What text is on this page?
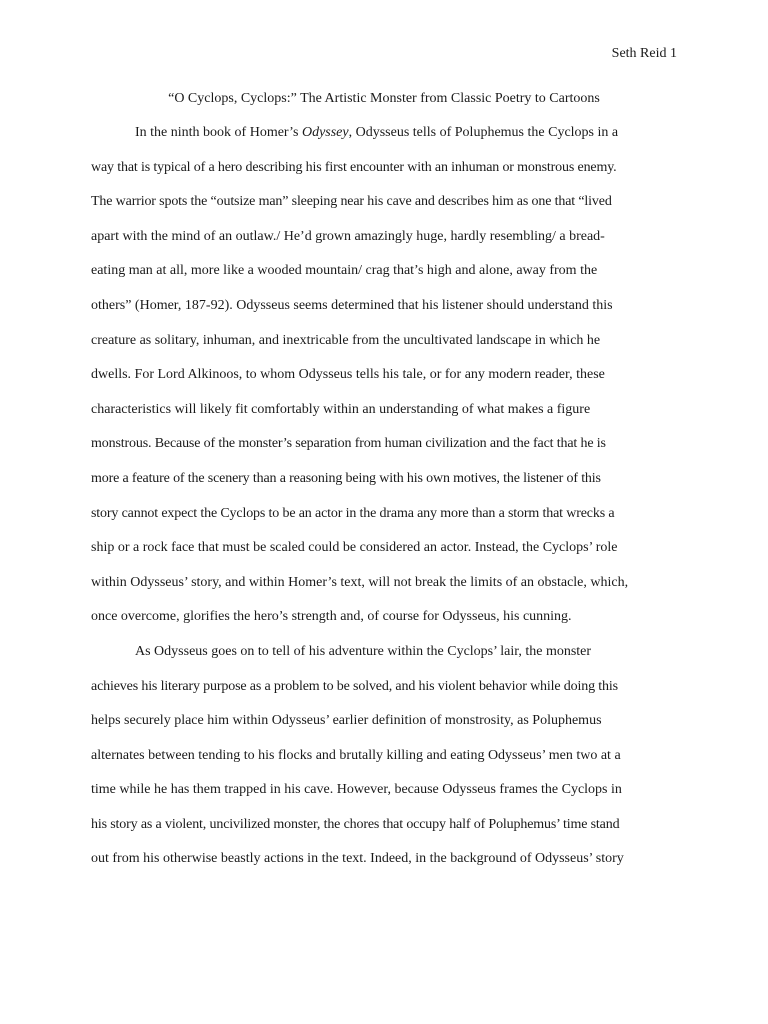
Seth Reid 1
“O Cyclops, Cyclops:” The Artistic Monster from Classic Poetry to Cartoons
In the ninth book of Homer’s Odyssey, Odysseus tells of Poluphemus the Cyclops in a
way that is typical of a hero describing his first encounter with an inhuman or monstrous enemy.
The warrior spots the “outsize man” sleeping near his cave and describes him as one that “lived
apart with the mind of an outlaw./ He’d grown amazingly huge, hardly resembling/ a bread-
eating man at all, more like a wooded mountain/ crag that’s high and alone, away from the
others” (Homer, 187-92). Odysseus seems determined that his listener should understand this
creature as solitary, inhuman, and inextricable from the uncultivated landscape in which he
dwells. For Lord Alkinoos, to whom Odysseus tells his tale, or for any modern reader, these
characteristics will likely fit comfortably within an understanding of what makes a figure
monstrous. Because of the monster’s separation from human civilization and the fact that he is
more a feature of the scenery than a reasoning being with his own motives, the listener of this
story cannot expect the Cyclops to be an actor in the drama any more than a storm that wrecks a
ship or a rock face that must be scaled could be considered an actor. Instead, the Cyclops’ role
within Odysseus’ story, and within Homer’s text, will not break the limits of an obstacle, which,
once overcome, glorifies the hero’s strength and, of course for Odysseus, his cunning.
As Odysseus goes on to tell of his adventure within the Cyclops’ lair, the monster
achieves his literary purpose as a problem to be solved, and his violent behavior while doing this
helps securely place him within Odysseus’ earlier definition of monstrosity, as Poluphemus
alternates between tending to his flocks and brutally killing and eating Odysseus’ men two at a
time while he has them trapped in his cave. However, because Odysseus frames the Cyclops in
his story as a violent, uncivilized monster, the chores that occupy half of Poluphemus’ time stand
out from his otherwise beastly actions in the text. Indeed, in the background of Odysseus’ story
